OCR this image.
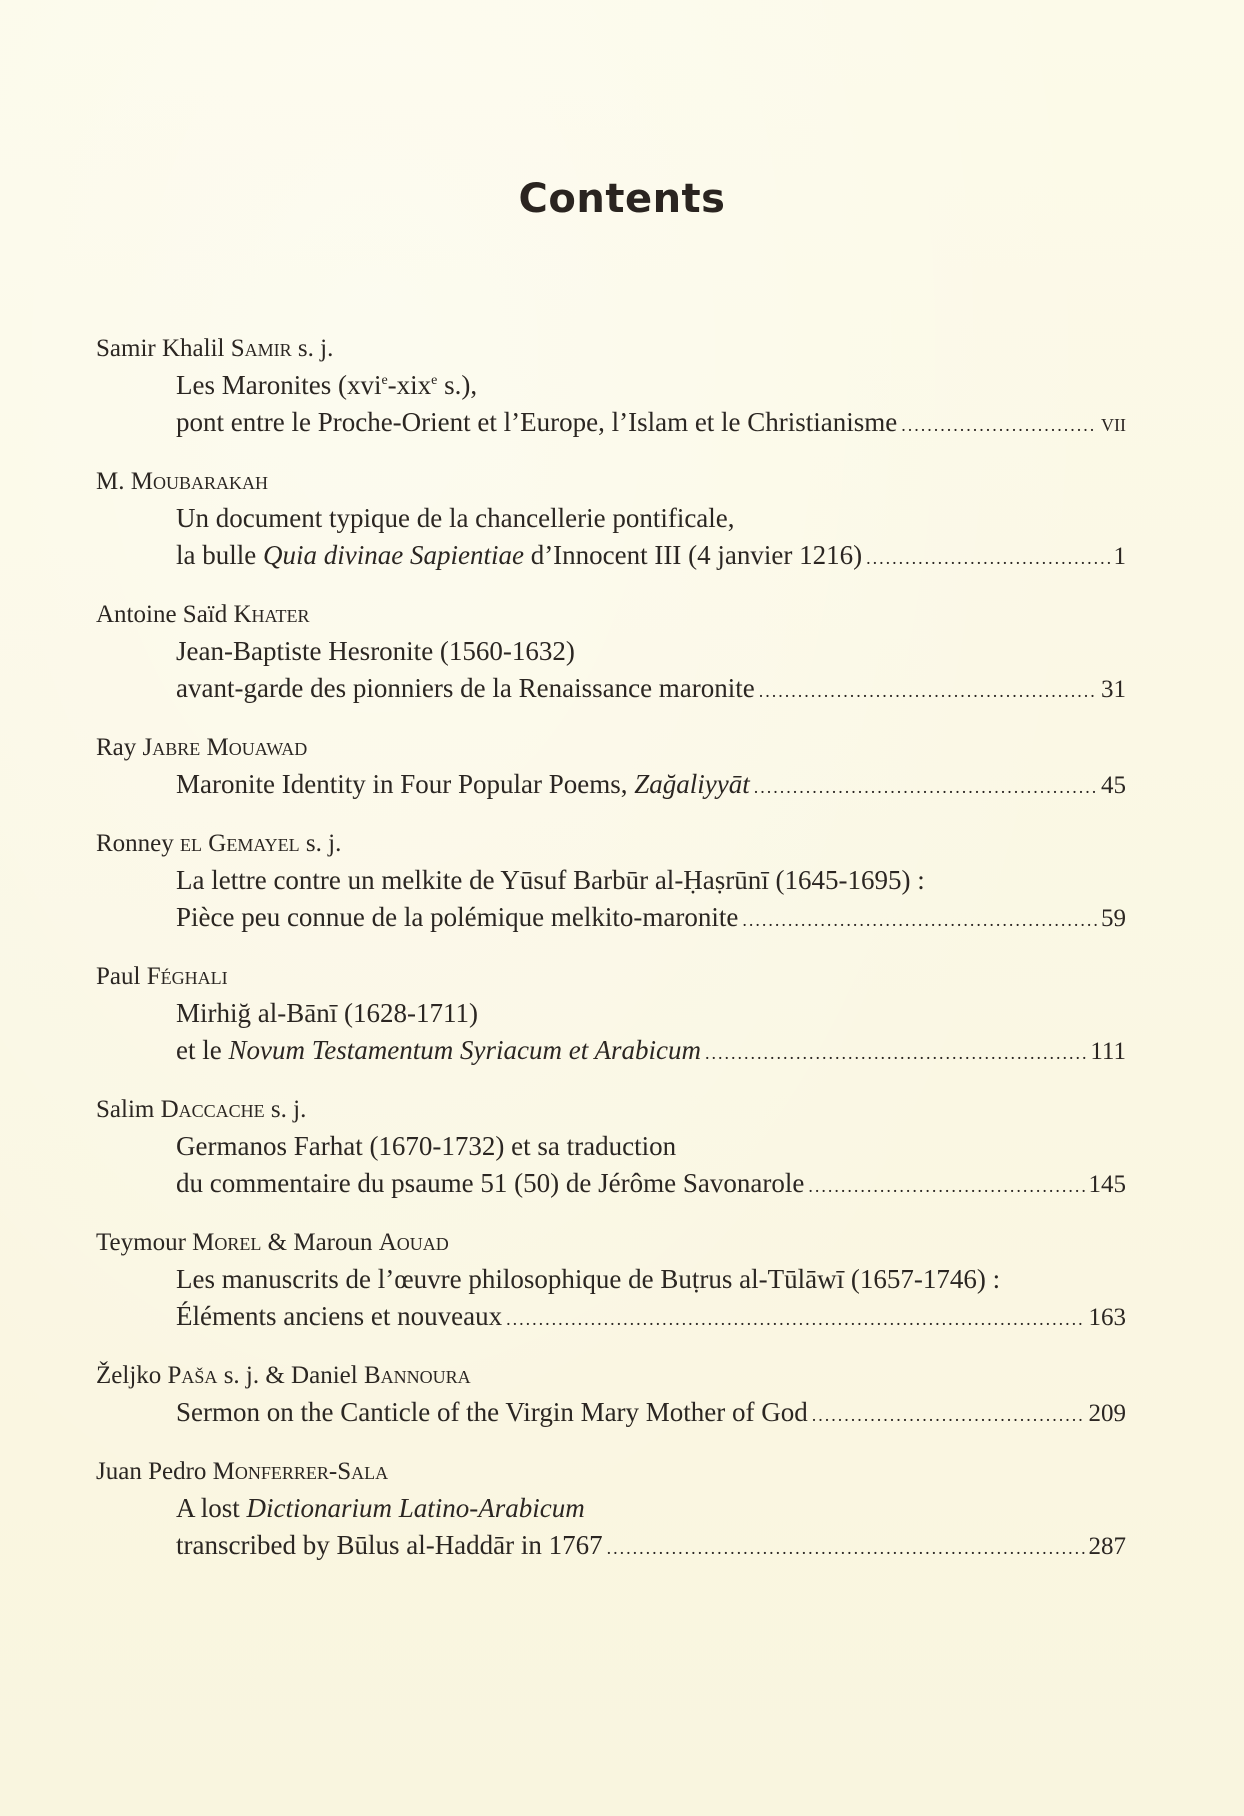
Contents
Samir Khalil Samir s. j.
Les Maronites (xvi$^e$-xix$^e$ s.),
pont entre le Proche-Orient et l’Europe, l’Islam et le Christianisme .....	vii
M. Moubarakah
Un document typique de la chancellerie pontificale,
la bulle Quia divinae Sapientiae d’Innocent III (4 janvier 1216) .....	1
Antoine Saïd Khater
Jean-Baptiste Hesronite (1560-1632)
avant-garde des pionniers de la Renaissance maronite .....	31
Ray Jabre Mouawad
Maronite Identity in Four Popular Poems, Zağaliyyāt .....	45
Ronney el Gemayel s. j.
La lettre contre un melkite de Yūsuf Barbūr al-Ḥaṣrūnī (1645-1695) :
Pièce peu connue de la polémique melkito-maronite .....	59
Paul Féghali
Mirhiğ al-Bānī (1628-1711)
et le Novum Testamentum Syriacum et Arabicum .....	111
Salim Daccache s. j.
Germanos Farhat (1670-1732) et sa traduction
du commentaire du psaume 51 (50) de Jérôme Savonarole .....	145
Teymour Morel & Maroun Aouad
Les manuscrits de l’œuvre philosophique de Buṭrus al-Tūlāwī (1657-1746) :
Éléments anciens et nouveaux .....	163
Željko Paša s. j. & Daniel Bannoura
Sermon on the Canticle of the Virgin Mary Mother of God .....	209
Juan Pedro Monferrer-Sala
A lost Dictionarium Latino-Arabicum
transcribed by Būlus al-Haddār in 1767 .....	287
